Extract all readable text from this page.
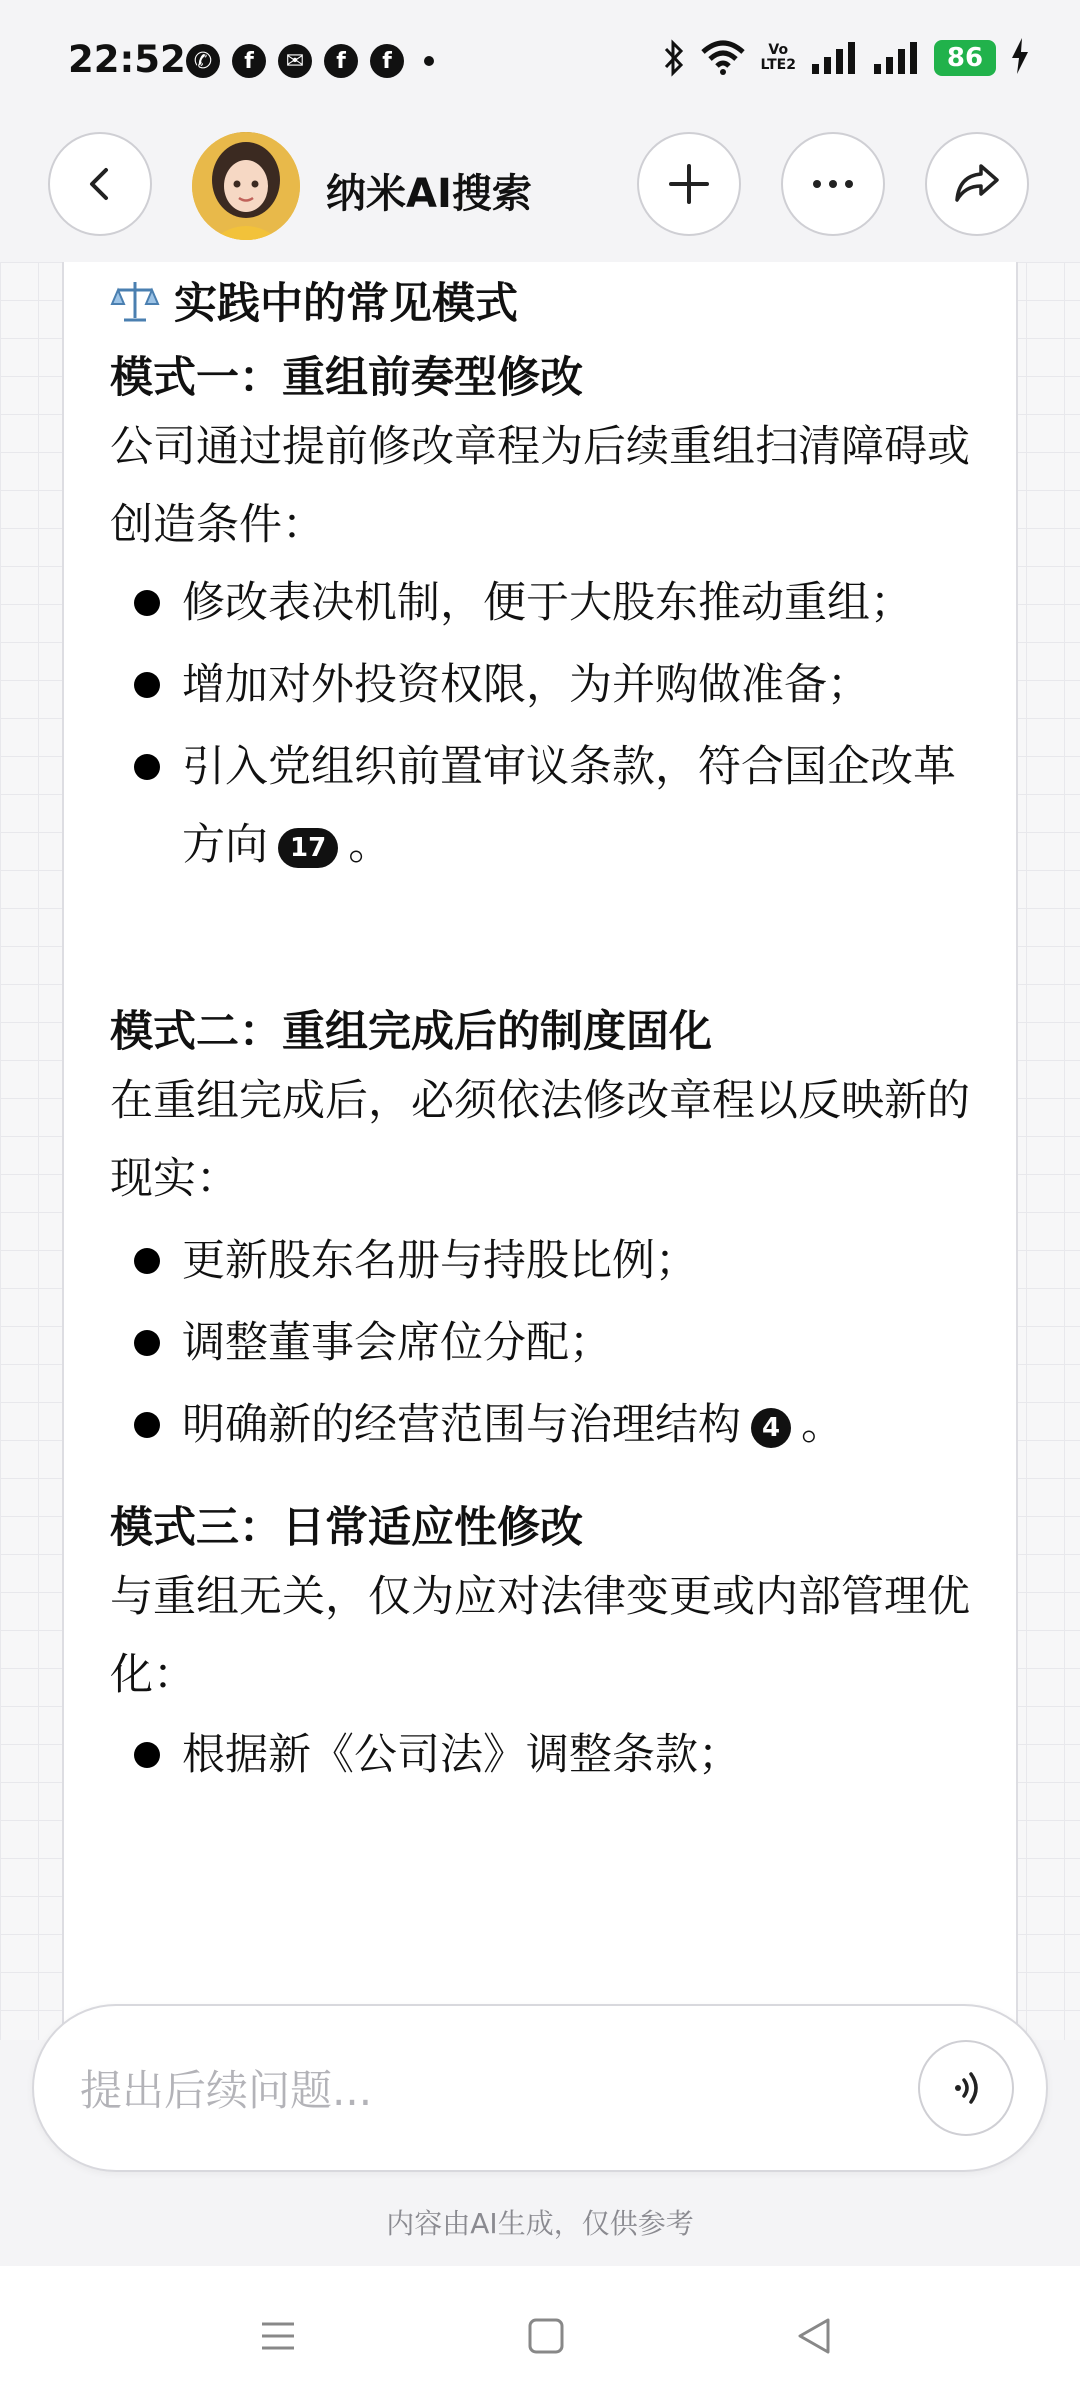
22:52 ✆	f	✉	f	f	Vo
LTE2	86
纳米AI搜索
实践中的常见模式
模式一：重组前奏型修改
公司通过提前修改章程为后续重组扫清障碍或创造条件：
修改表决机制，便于大股东推动重组；
增加对外投资权限，为并购做准备；
引入党组织前置审议条款，符合国企改革方向 17 。
模式二：重组完成后的制度固化
在重组完成后，必须依法修改章程以反映新的现实：
更新股东名册与持股比例；
调整董事会席位分配；
明确新的经营范围与治理结构 4 。
模式三：日常适应性修改
与重组无关，仅为应对法律变更或内部管理优化：
根据新《公司法》调整条款；
提出后续问题...
内容由AI生成，仅供参考
